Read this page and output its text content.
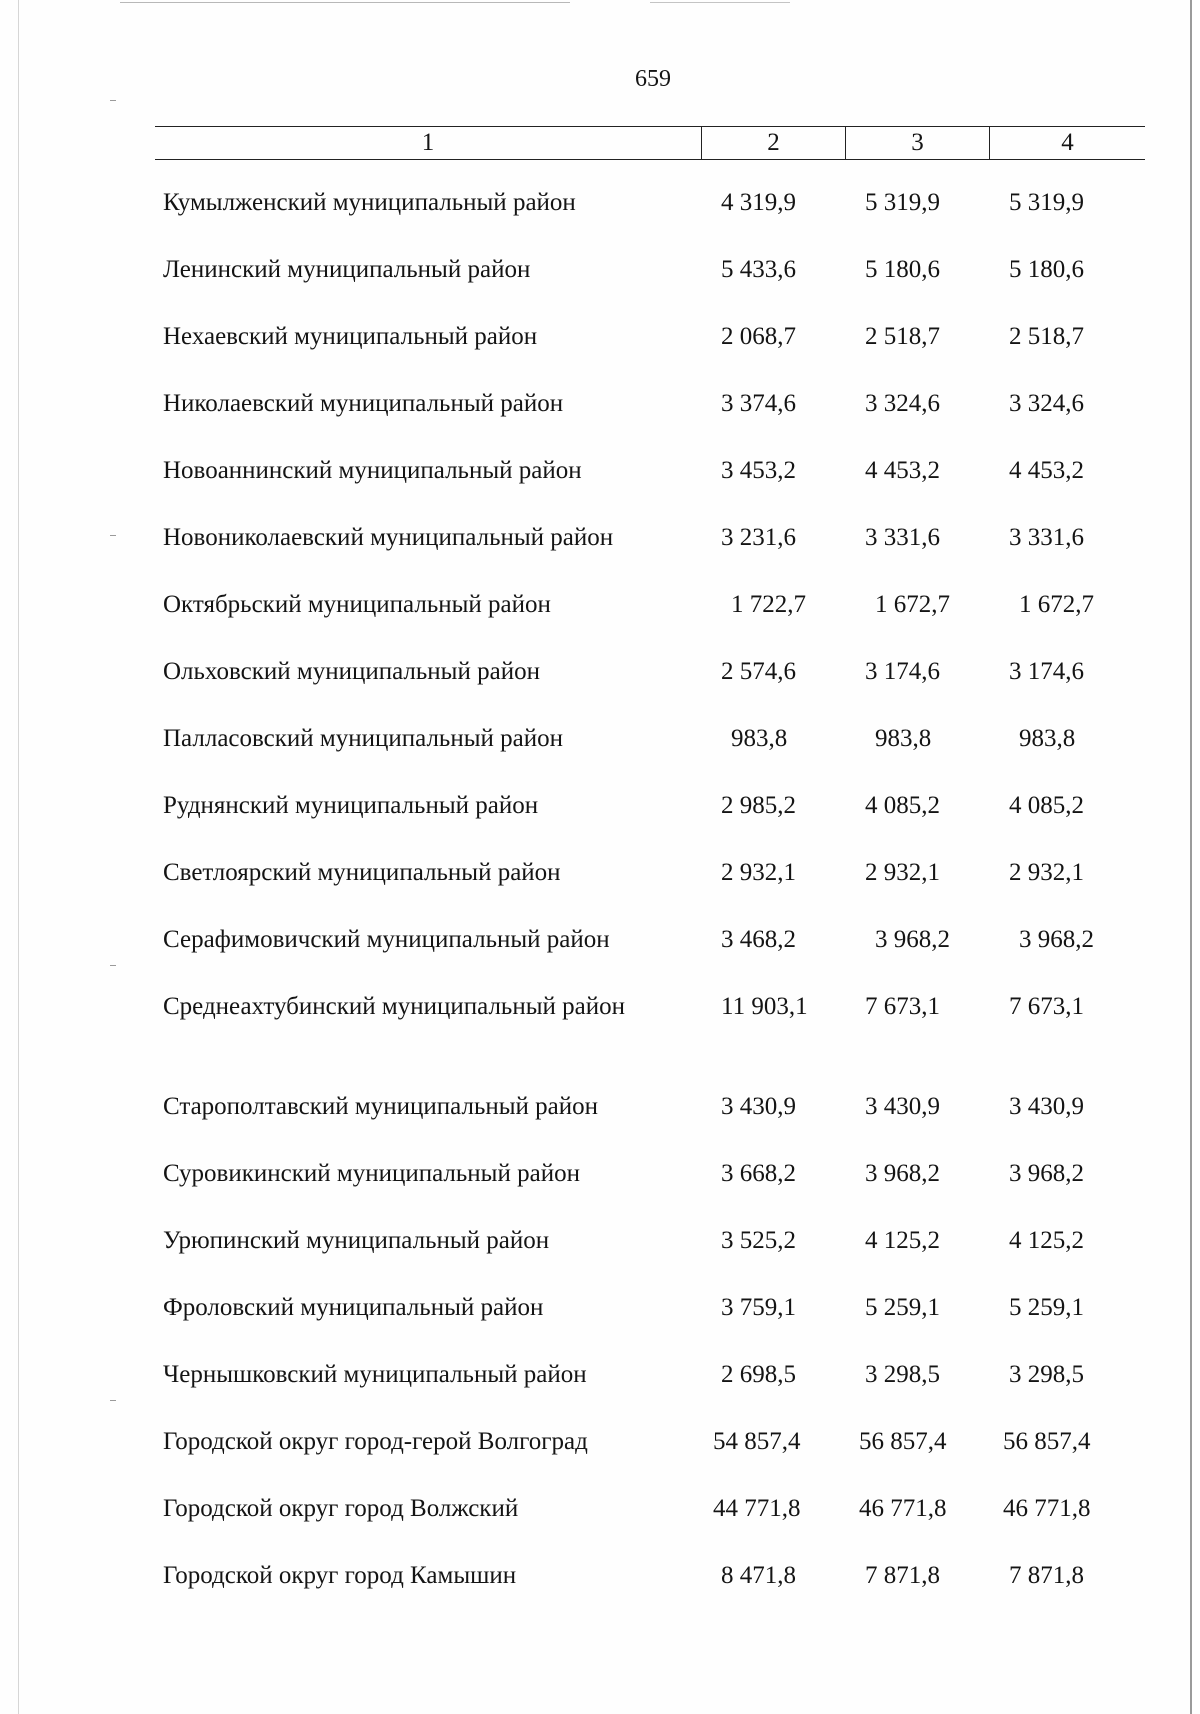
659
1	2	3	4
Кумылженский муниципальный район	4 319,9	5 319,9	5 319,9
Ленинский муниципальный район	5 433,6	5 180,6	5 180,6
Нехаевский муниципальный район	2 068,7	2 518,7	2 518,7
Николаевский муниципальный район	3 374,6	3 324,6	3 324,6
Новоаннинский муниципальный район	3 453,2	4 453,2	4 453,2
Новониколаевский муниципальный район	3 231,6	3 331,6	3 331,6
Октябрьский муниципальный район	1 722,7	1 672,7	1 672,7
Ольховский муниципальный район	2 574,6	3 174,6	3 174,6
Палласовский муниципальный район	983,8	983,8	983,8
Руднянский муниципальный район	2 985,2	4 085,2	4 085,2
Светлоярский муниципальный район	2 932,1	2 932,1	2 932,1
Серафимовичский муниципальный район	3 468,2	3 968,2	3 968,2
Среднеахтубинский муниципальный район	11 903,1	7 673,1	7 673,1
Старополтавский муниципальный район	3 430,9	3 430,9	3 430,9
Суровикинский муниципальный район	3 668,2	3 968,2	3 968,2
Урюпинский муниципальный район	3 525,2	4 125,2	4 125,2
Фроловский муниципальный район	3 759,1	5 259,1	5 259,1
Чернышковский муниципальный район	2 698,5	3 298,5	3 298,5
Городской округ город-герой Волгоград	54 857,4	56 857,4	56 857,4
Городской округ город Волжский	44 771,8	46 771,8	46 771,8
Городской округ город Камышин	8 471,8	7 871,8	7 871,8
